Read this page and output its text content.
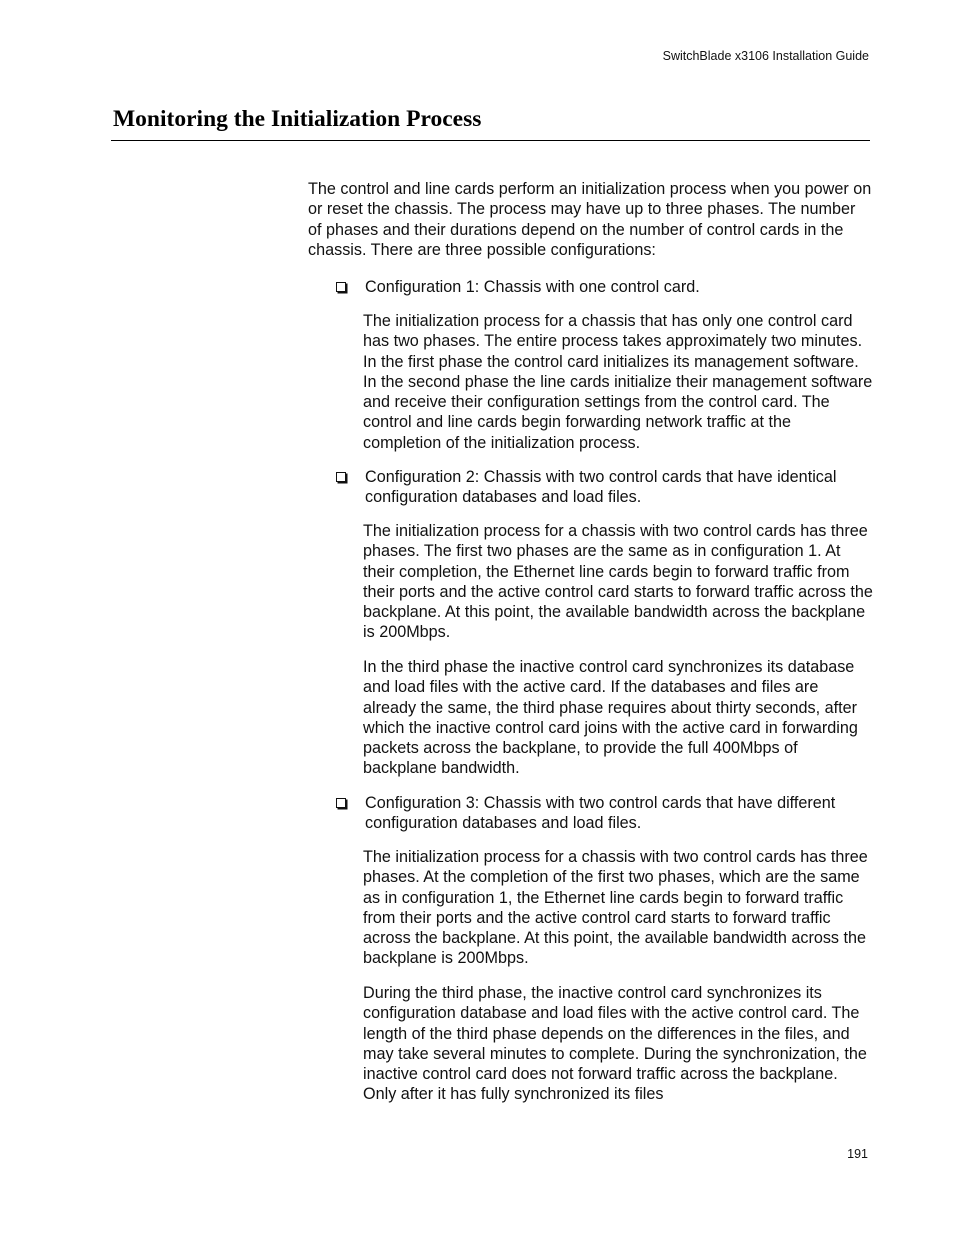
SwitchBlade x3106 Installation Guide
Monitoring the Initialization Process

The control and line cards perform an initialization process when you power on or reset the chassis. The process may have up to three phases. The number of phases and their durations depend on the number of control cards in the chassis. There are three possible configurations:

Configuration 1: Chassis with one control card.

The initialization process for a chassis that has only one control card has two phases. The entire process takes approximately two minutes. In the first phase the control card initializes its management software. In the second phase the line cards initialize their management software and receive their configuration settings from the control card. The control and line cards begin forwarding network traffic at the completion of the initialization process.

Configuration 2: Chassis with two control cards that have identical configuration databases and load files.

The initialization process for a chassis with two control cards has three phases. The first two phases are the same as in configuration 1. At their completion, the Ethernet line cards begin to forward traffic from their ports and the active control card starts to forward traffic across the backplane. At this point, the available bandwidth across the backplane is 200Mbps.

In the third phase the inactive control card synchronizes its database and load files with the active card. If the databases and files are already the same, the third phase requires about thirty seconds, after which the inactive control card joins with the active card in forwarding packets across the backplane, to provide the full 400Mbps of backplane bandwidth.

Configuration 3: Chassis with two control cards that have different configuration databases and load files.

The initialization process for a chassis with two control cards has three phases. At the completion of the first two phases, which are the same as in configuration 1, the Ethernet line cards begin to forward traffic from their ports and the active control card starts to forward traffic across the backplane. At this point, the available bandwidth across the backplane is 200Mbps.

During the third phase, the inactive control card synchronizes its configuration database and load files with the active control card. The length of the third phase depends on the differences in the files, and may take several minutes to complete. During the synchronization, the inactive control card does not forward traffic across the backplane. Only after it has fully synchronized its files

191
